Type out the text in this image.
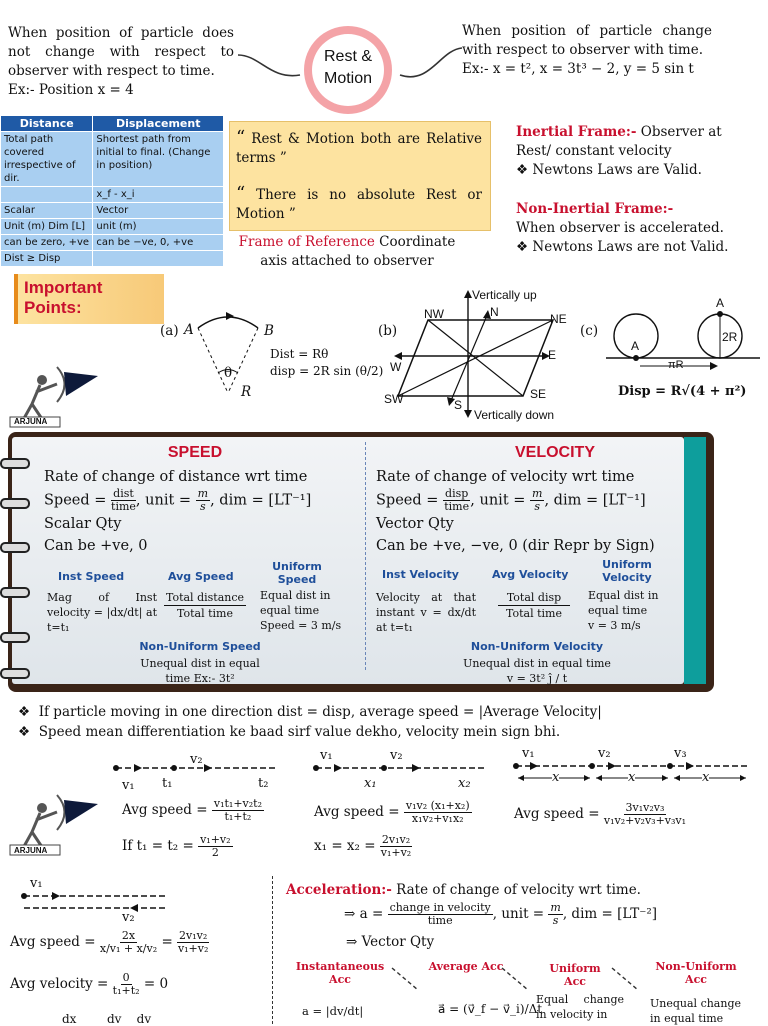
When position of particle does not change with respect to observer with respect to time.
Ex:- Position x = 4
Rest &
Motion
When position of particle change with respect to observer with time.
Ex:- x = t², x = 3t³ − 2, y = 5 sin t
Distance	Displacement
Total path covered irrespective of dir.	Shortest path from initial to final. (Change in position)
	x_f - x_i
Scalar	Vector
Unit (m) Dim [L]	unit (m)
can be zero, +ve	can be −ve, 0, +ve
Dist ≥ Disp	
“ Rest & Motion both are Relative terms ”
“ There is no absolute Rest or Motion ”
Frame of Reference Coordinate axis attached to observer
Inertial Frame:- Observer at Rest/ constant velocity
❖ Newtons Laws are Valid.
Non-Inertial Frame:-
When observer is accelerated.
❖ Newtons Laws are not Valid.
Important Points:
ARJUNA
(a) A	B
θ
R
Dist = Rθ
disp = 2R sin (θ/2)
(b)
Vertically up
Vertically down
NW	N	NE
E
W
SW	S
SE
(c)
A
A
2R
πR
Disp = R√(4 + π²)
SPEED
Rate of change of distance wrt time
Speed = $\frac{\text{dist}}{\text{time}}$ , unit = $\frac{m}{s}$ , dim = [LT⁻¹]
Scalar Qty
Can be +ve, 0
Inst Speed	Avg Speed
Uniform Speed
Mag of Inst velocity = |dx/dt| at t=t₁
Total distance
Total time
Equal dist in equal time
Speed = 3 m/s
Non-Uniform Speed
Unequal dist in equal time Ex:- 3t²
VELOCITY
Rate of change of velocity wrt time
Speed = $\frac{\text{disp}}{\text{time}}$ , unit = $\frac{m}{s}$ , dim = [LT⁻¹]
Vector Qty
Can be +ve, −ve, 0 (dir Repr by Sign)
Inst Velocity	Avg Velocity
Uniform Velocity
Velocity at that instant v = dx/dt at t=t₁
Total disp
Total time
Equal dist in equal time
v = 3 m/s
Non-Uniform Velocity
Unequal dist in equal time v = 3t² ĵ / t
❖  If particle moving in one direction dist = disp, average speed = |Average Velocity|
❖  Speed mean differentiation ke baad sirf value dekho, velocity mein sign bhi.
v₁
v₂
t₁	t₂
Avg speed = $\frac{\text{v₁t₁+v₂t₂}}{\text{t₁+t₂}}$
If $t_1 = t_2 = \frac{\text{v₁+v₂}}{2}$
v₁	v₂
x₁	x₂
Avg speed = $\frac{\text{v₁v₂ (x₁+x₂)}}{\text{x₁v₂+v₁x₂}}$
$x_1 = x_2 = \frac{\text{2v₁v₂}}{\text{v₁+v₂}}$
v₁	v₂	v₃
x	x	x
Avg speed = $\frac{\text{3v₁v₂v₃}}{\text{v₁v₂+v₂v₃+v₃v₁}}$
ARJUNA
v₁
v₂
Avg speed = $\frac{2x}{\text{x/v₁ + x/v₂}} = \frac{\text{2v₁v₂}}{\text{v₁+v₂}}$
Avg velocity = $\frac{0}{\text{t₁+t₂}} = 0$
dx        dv    dv
Acceleration:- Rate of change of velocity wrt time.
⇒ $a = \frac{\text{change in velocity}}{\text{time}}$ , unit = $\frac{m}{s}$ , dim = [LT⁻²]
⇒ Vector Qty
Instantaneous Acc
Average Acc	Uniform Acc
Non-Uniform Acc
a = |dv/dt|	a⃗ = (v⃗_f − v⃗_i)/Δt
Equal change in velocity in
Unequal change in equal time
